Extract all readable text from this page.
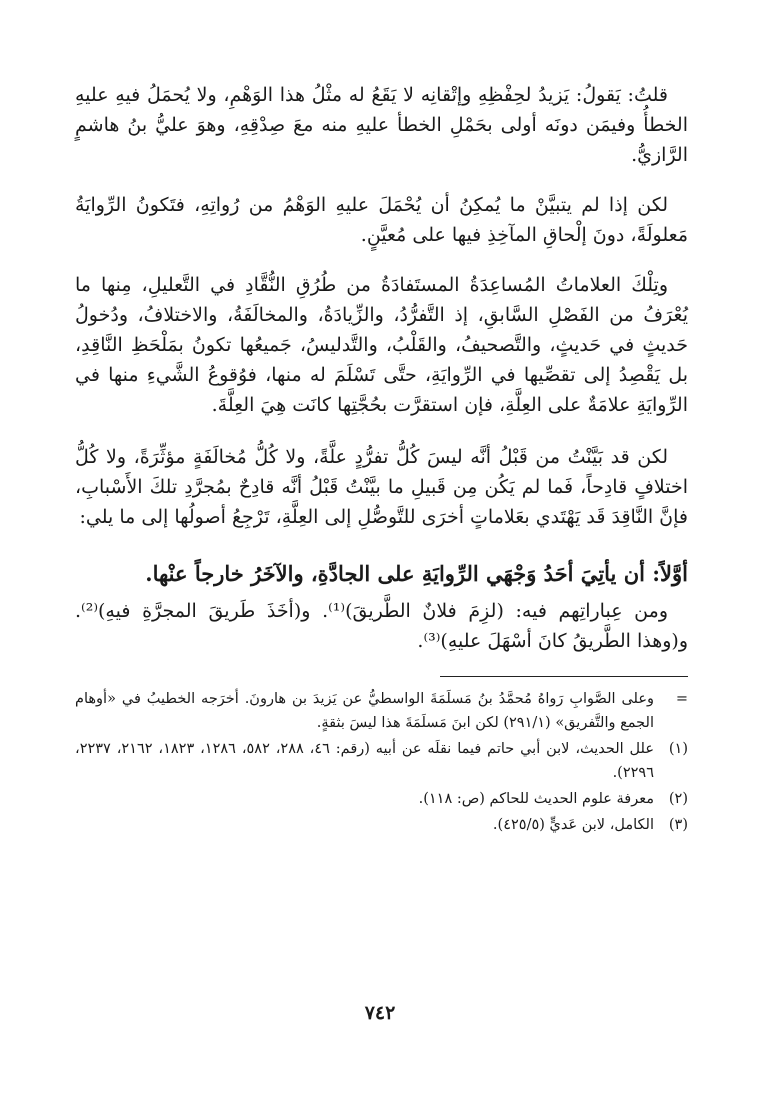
قلتُ: يَقولُ: يَزيدُ لحِفْظِهِ وإتْقانِه لا يَقَعُ له مثْلُ هذا الوَهْمِ، ولا يُحمَلُ فيهِ عليهِ الخطأُ وفيمَن دونَه أولى بحَمْلِ الخطأ عليهِ منه معَ صِدْقِهِ، وهوَ عليُّ بنُ هاشمٍ الرَّازيُّ.

لكن إذا لم يتبيَّنْ ما يُمكِنُ أن يُحْمَلَ عليهِ الوَهْمُ من رُواتِهِ، فتَكونُ الرِّوايَةُ مَعلولَةً، دونَ إلْحاقِ المآخِذِ فيها على مُعيَّنٍ.

وتِلْكَ العلاماتُ المُساعِدَةُ المستَفادَةُ من طُرُقِ النُّقَّادِ في التَّعليلِ، مِنها ما يُعْرَفُ من الفَصْلِ السَّابقِ، إذ التَّفرُّدُ، والزِّيادَةُ، والمخالَفَةُ، والاختلافُ، ودُخولُ حَديثٍ في حَديثٍ، والتَّصحيفُ، والقَلْبُ، والتَّدليسُ، جَميعُها تكونُ بمَلْحَظِ النَّاقِدِ، بل يَقْصِدُ إلى تقصِّيها في الرِّوايَةِ، حتَّى تَسْلَمَ له منها، فوُقوعُ الشَّيءِ منها في الرِّوايَةِ علامَةٌ على العِلَّةِ، فإن استقرَّت بحُجَّتِها كانَت هِيَ العِلَّةَ.

لكن قد بَيَّنْتُ من قَبْلُ أنَّه ليسَ كُلُّ تفرُّدٍ علَّةً، ولا كُلُّ مُخالَفَةٍ مؤثِّرَةً، ولا كُلُّ اختلافٍ قادِحاً، فَما لم يَكُن مِن قَبيلِ ما بيَّنْتُ قَبْلُ أنَّه قادِحٌ بمُجرَّدِ تلكَ الأَسْبابِ، فإنَّ النَّاقِدَ قَد يَهْتَدي بعَلاماتٍ أخرَى للتَّوصُّلِ إلى العِلَّةِ، تَرْجِعُ أصولُها إلى ما يلي:

أوَّلاً: أن يأتِيَ أحَدُ وَجْهَي الرِّوايَةِ على الجادَّةِ، والآخَرُ خارجاً عنْها.

ومن عِباراتِهم فيه: (لزِمَ فلانٌ الطَّريقَ)⁽¹⁾. و(أخَذَ طَريقَ المجرَّةِ فيهِ)⁽²⁾. و(وهذا الطَّريقُ كانَ أسْهَلَ عليهِ)⁽³⁾.

=
وعلى الصَّوابِ رَواهُ مُحمَّدُ بنُ مَسلَمَةَ الواسطيُّ عن يَزيدَ بن هارونَ. أخرَجه الخطيبُ في «أوهام الجمع والتَّفريق» (٢٩١/١) لكن ابنَ مَسلَمَةَ هذا ليسَ بثقةٍ.
(١)
علل الحديث، لابن أبي حاتم فيما نقلَه عن أبيه (رقم: ٤٦، ٢٨٨، ٥٨٢، ١٢٨٦، ١٨٢٣، ٢١٦٢، ٢٢٣٧، ٢٢٩٦).
(٢)
معرفة علوم الحديث للحاكم (ص: ١١٨).
(٣)
الكامل، لابن عَديٍّ (٤٢٥/٥).
٧٤٢
